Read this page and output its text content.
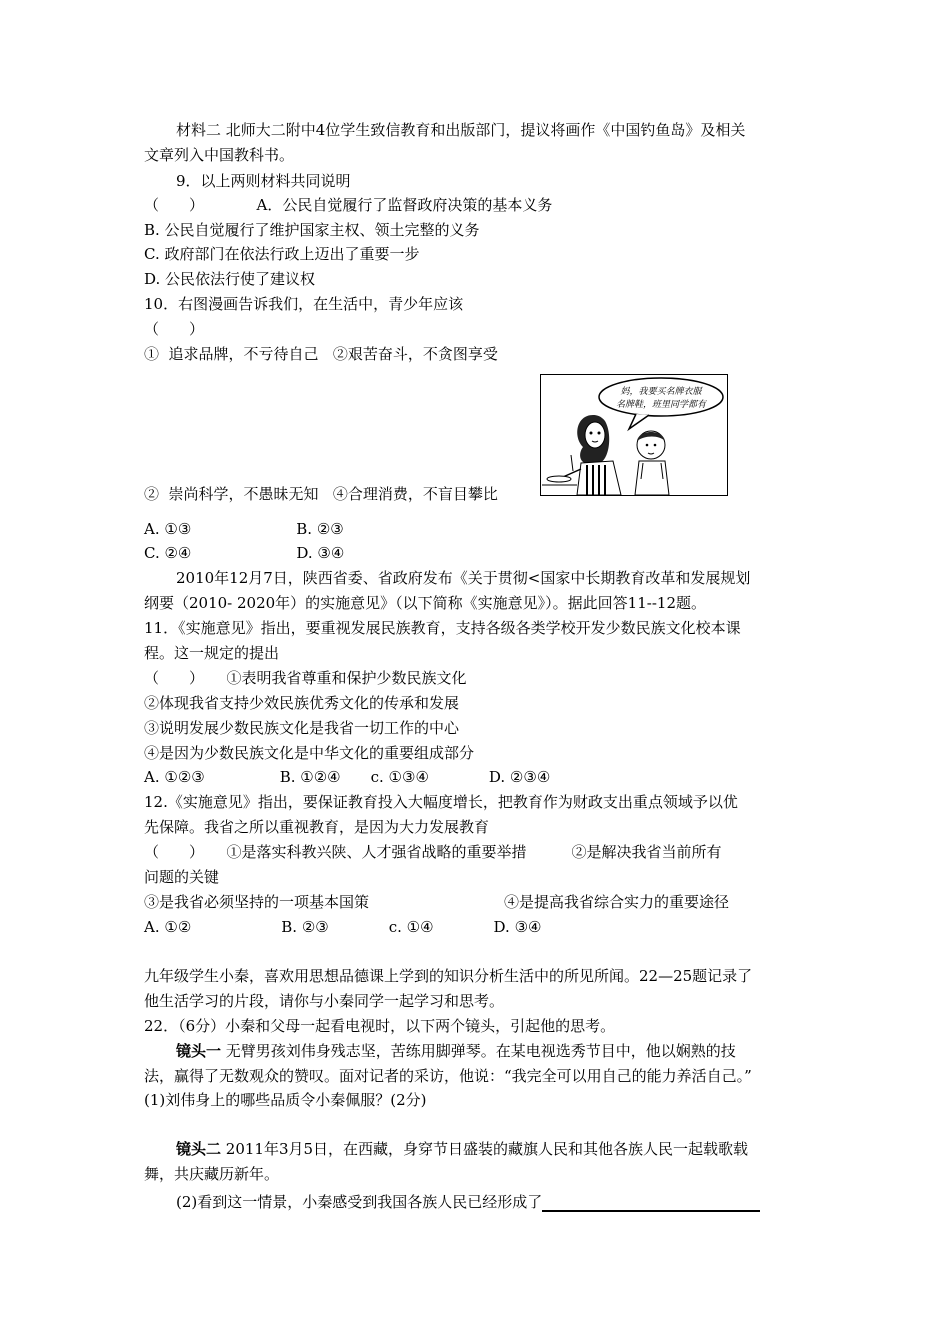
材料二 北师大二附中4位学生致信教育和出版部门，提议将画作《中国钓鱼岛》及相关
文章列入中国教科书。
9．以上两则材料共同说明
（　　）　　　　A．公民自觉履行了监督政府决策的基本义务
B. 公民自觉履行了维护国家主权、领土完整的义务
C. 政府部门在依法行政上迈出了重要一步
D. 公民依法行使了建议权
10．右图漫画告诉我们，在生活中，青少年应该
（　　）
①  追求品牌，不亏待自己   ②艰苦奋斗，不贪图享受
妈，我要买名牌衣服
名牌鞋，班里同学都有
②  崇尚科学，不愚昧无知   ④合理消费，不盲目攀比
A. ①③　　　　　　　B. ②③
C. ②④　　　　　　　D. ③④
2010年12月7日，陕西省委、省政府发布《关于贯彻<国家中长期教育改革和发展规划
纲要（2010- 2020年）的实施意见》（以下简称《实施意见》）。据此回答11--12题。
11．《实施意见》指出，要重视发展民族教育，支持各级各类学校开发少数民族文化校本课
程。这一规定的提出
（　　）　　①表明我省尊重和保护少数民族文化
②体现我省支持少效民族优秀文化的传承和发展
③说明发展少数民族文化是我省一切工作的中心
④是因为少数民族文化是中华文化的重要组成部分
A. ①②③　　　　　B. ①②④　　c. ①③④　　　　D. ②③④
12.《实施意见》指出，要保证教育投入大幅度增长，把教育作为财政支出重点领域予以优
先保障。我省之所以重视教育，是因为大力发展教育
（　　）　　①是落实科教兴陕、人才强省战略的重要举措　　　②是解决我省当前所有
问题的关键
③是我省必须坚持的一项基本国策　　　　　　　　　④是提高我省综合实力的重要途径
A. ①②　　　　　　B. ②③　　　　c. ①④　　　　D. ③④
九年级学生小秦，喜欢用思想品德课上学到的知识分析生活中的所见所闻。22—25题记录了
他生活学习的片段，请你与小秦同学一起学习和思考。
22．（6分）小秦和父母一起看电视时，以下两个镜头，引起他的思考。
镜头一 无臂男孩刘伟身残志坚，苦练用脚弹琴。在某电视选秀节目中，他以娴熟的技
法，赢得了无数观众的赞叹。面对记者的采访，他说：“我完全可以用自己的能力养活自己。”
(1)刘伟身上的哪些品质令小秦佩服？(2分)
镜头二 2011年3月5日，在西藏，身穿节日盛装的藏旗人民和其他各族人民一起载歌载
舞，共庆藏历新年。
(2)看到这一情景，小秦感受到我国各族人民已经形成了
